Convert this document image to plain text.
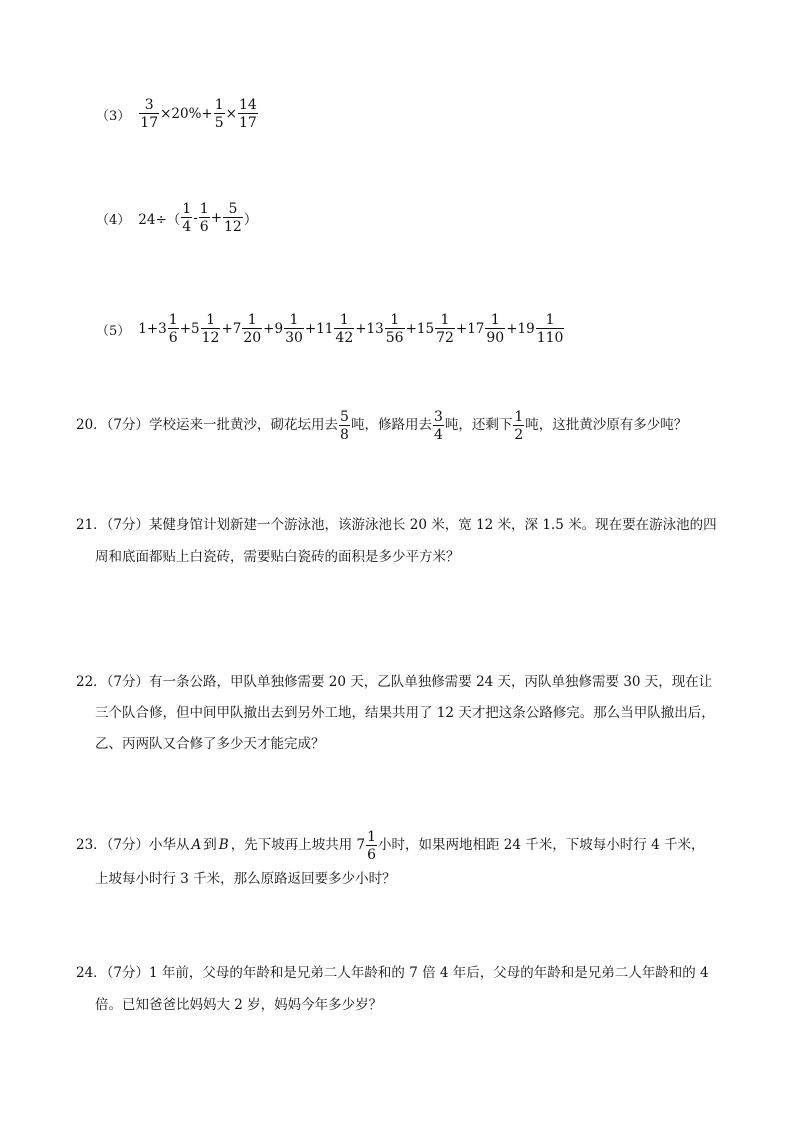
$(3) \frac{3}{17} \times 20\%+ \frac{1}{5} \times \frac{14}{17}$
（4） $24\div( \frac{1}{4} - \frac{1}{6} + \frac{5}{12}$ ）
（5） $1+3 \frac{1}{6} +5 \frac{1}{12} +7 \frac{1}{20} +9 \frac{1}{30} +11 \frac{1}{42} +13 \frac{1}{56} +15 \frac{1}{72} +17 \frac{1}{90} +19 \frac{1}{110}$
20．（7分）学校运来一批黄沙，砌花坛用去 $\frac{5}{8}$ 吨，修路用去 $\frac{3}{4}$ 吨，还剩下 $\frac{1}{2}$ 吨，这批黄沙原有多少吨？
21．（7分）某健身馆计划新建一个游泳池，该游泳池长 20 米，宽 12 米，深 1.5 米。现在要在游泳池的四
周和底面都贴上白瓷砖，需要贴白瓷砖的面积是多少平方米？
22．（7分）有一条公路，甲队单独修需要 20 天，乙队单独修需要 24 天，丙队单独修需要 30 天，现在让
三个队合修，但中间甲队撤出去到另外工地，结果共用了 12 天才把这条公路修完。那么当甲队撤出后，
乙、丙两队又合修了多少天才能完成？
23．（7分）小华从 A 到 B ，先下坡再上坡共用 $7 \frac{1}{6}$ 小时，如果两地相距 24 千米，下坡每小时行 4 千米，
上坡每小时行 3 千米，那么原路返回要多少小时？
24．（7分）1 年前，父母的年龄和是兄弟二人年龄和的 7 倍 4 年后，父母的年龄和是兄弟二人年龄和的 4
倍。已知爸爸比妈妈大 2 岁，妈妈今年多少岁？
